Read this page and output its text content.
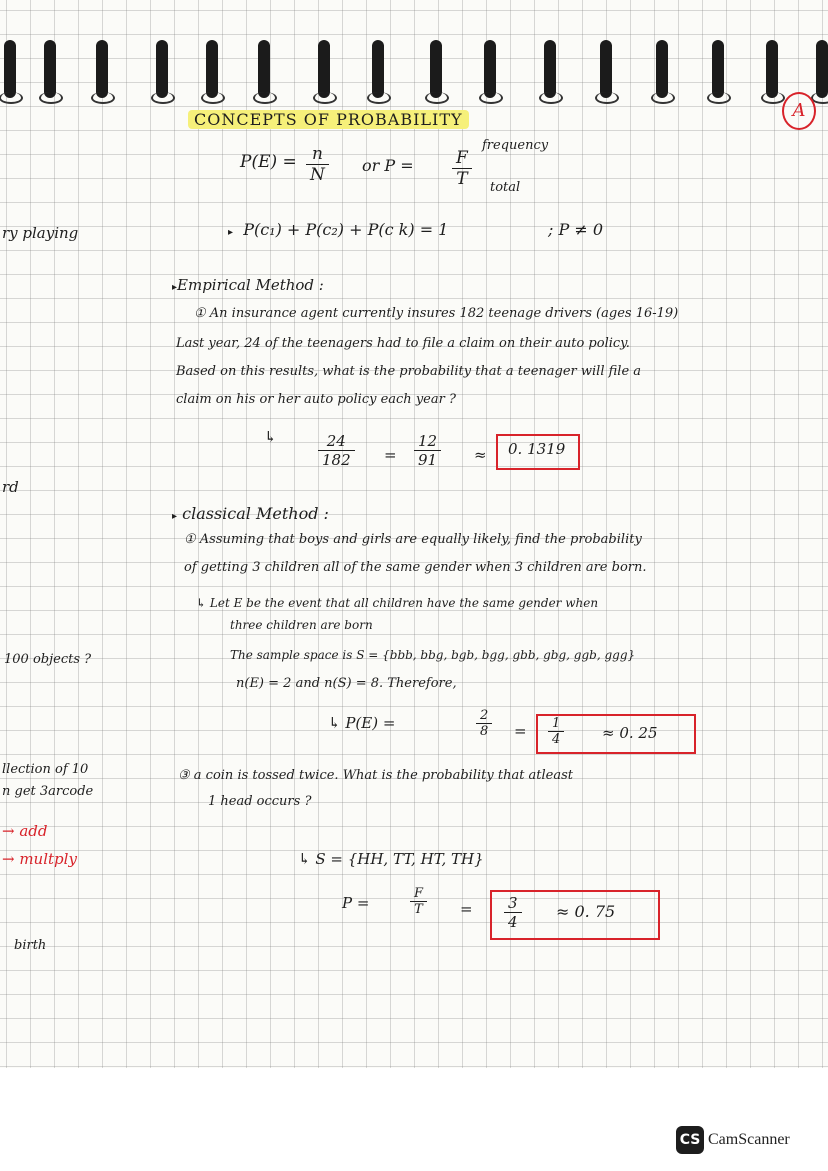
CONCEPTS OF PROBABILITY	A
$P(E) = \frac{n}{N}$ or $P = \frac{F}{T}$
frequency
total
▸ P(c₁) + P(c₂) + P(c k) = 1	; P ≠ 0
ry playing
rd
100 objects ?
llection of 10
n get 3arcode
→ add
→ multply
birth
▸Empirical Method :
① An insurance agent currently insures 182 teenage drivers (ages 16-19)
Last year, 24 of the teenagers had to file a claim on their auto policy.
Based on this results, what is the probability that a teenager will file a
claim on his or her auto policy each year ?
↳	$\frac{24}{182} = \frac{12}{91} \approx 0$. 1319
▸ classical Method :
① Assuming that boys and girls are equally likely, find the probability
of getting 3 children all of the same gender when 3 children are born.
↳ Let E be the event that all children have the same gender when
three children are born
The sample space is S = {bbb, bbg, bgb, bgg, gbb, gbg, ggb, ggg}
n(E) = 2 and n(S) = 8. Therefore,
↳ P(E) =	$\frac{2}{8} = \frac{1}{4}$	≈ 0. 25
③ a coin is tossed twice. What is the probability that atleast
1 head occurs ?
↳ S = {HH, TT, HT, TH}
P =	$\frac{F}{T} = \frac{3}{4} \approx 0$. 75
CS CamScanner
